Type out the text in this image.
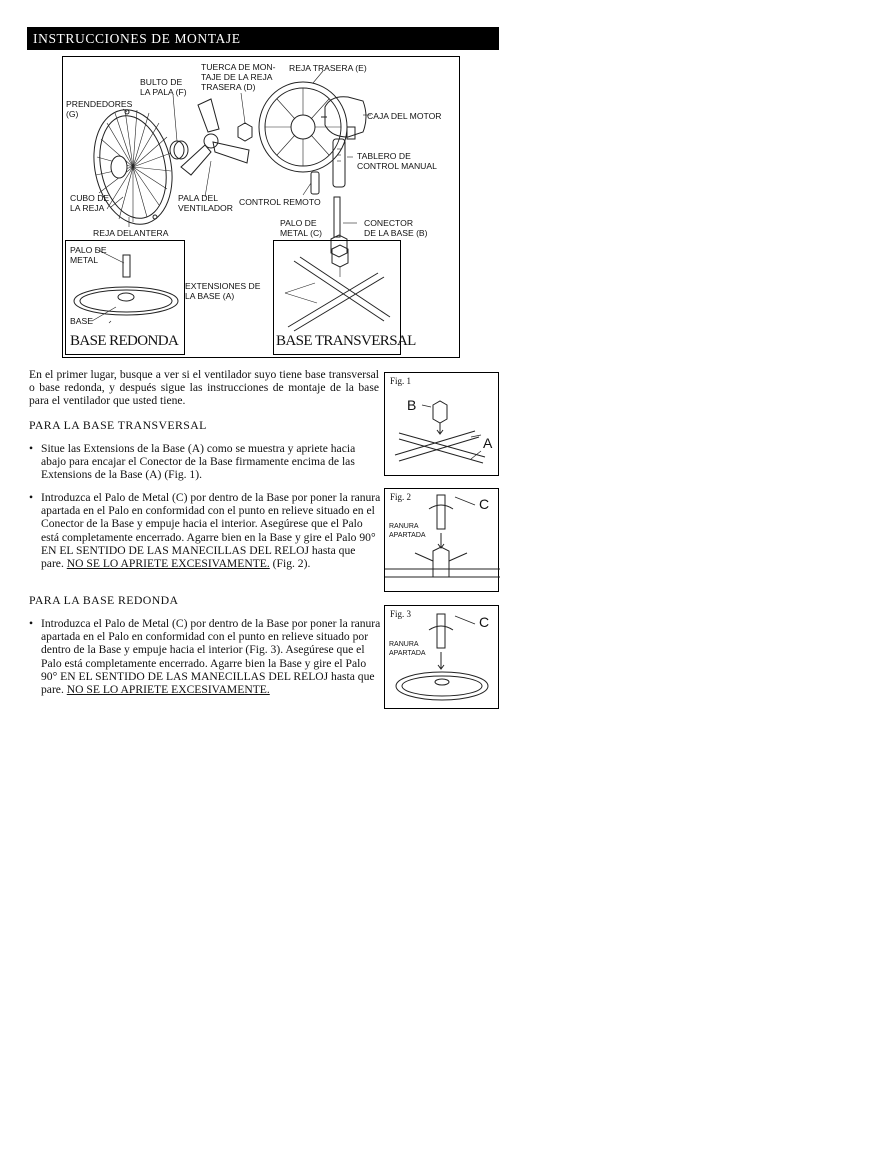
INSTRUCCIONES DE MONTAJE
PRENDEDORES
(G)
BULTO DE
LA PALA (F)
TUERCA DE MON-
TAJE DE LA REJA
TRASERA (D)
REJA TRASERA (E)
CAJA DEL MOTOR
TABLERO DE
CONTROL MANUAL
CUBO DE
LA REJA
PALA DEL
VENTILADOR
CONTROL REMOTO
REJA DELANTERA
PALO DE
METAL (C)
CONECTOR
DE LA BASE (B)
PALO DE
METAL
BASE
BASE REDONDA
EXTENSIONES DE
LA BASE (A)
BASE TRANSVERSAL

En el primer lugar, busque a ver si el ventilador suyo tiene base transversal o base redonda, y después sigue las instrucciones de montaje de la base para el ventilador que usted tiene.

PARA LA BASE TRANSVERSAL
• Situe las Extensions de la Base (A) como se muestra y apriete hacia abajo para encajar el Conector de la Base firmamente encima de las Extensions de la Base (A) (Fig. 1).
• Introduzca el Palo de Metal (C) por dentro de la Base por poner la ranura apartada en el Palo en conformidad con el punto en relieve situado en el Conector de la Base y empuje hacia el interior. Asegúrese que el Palo está completamente encerrado. Agarre bien en la Base y gire el Palo 90° EN EL SENTIDO DE LAS MANECILLAS DEL RELOJ hasta que pare. NO SE LO APRIETE EXCESIVAMENTE. (Fig. 2).
PARA LA BASE REDONDA
• Introduzca el Palo de Metal (C) por dentro de la Base por poner la ranura apartada en el Palo en conformidad con el punto en relieve situado por dentro de la Base y empuje hacia el interior (Fig. 3). Asegúrese que el Palo está completamente encerrado. Agarre bien la Base y gire el Palo 90° EN EL SENTIDO DE LAS MANECILLAS DEL RELOJ hasta que pare. NO SE LO APRIETE EXCESIVAMENTE.
Fig. 1
B
A
Fig. 2	C
RANURA
APARTADA
Fig. 3	C
RANURA
APARTADA
